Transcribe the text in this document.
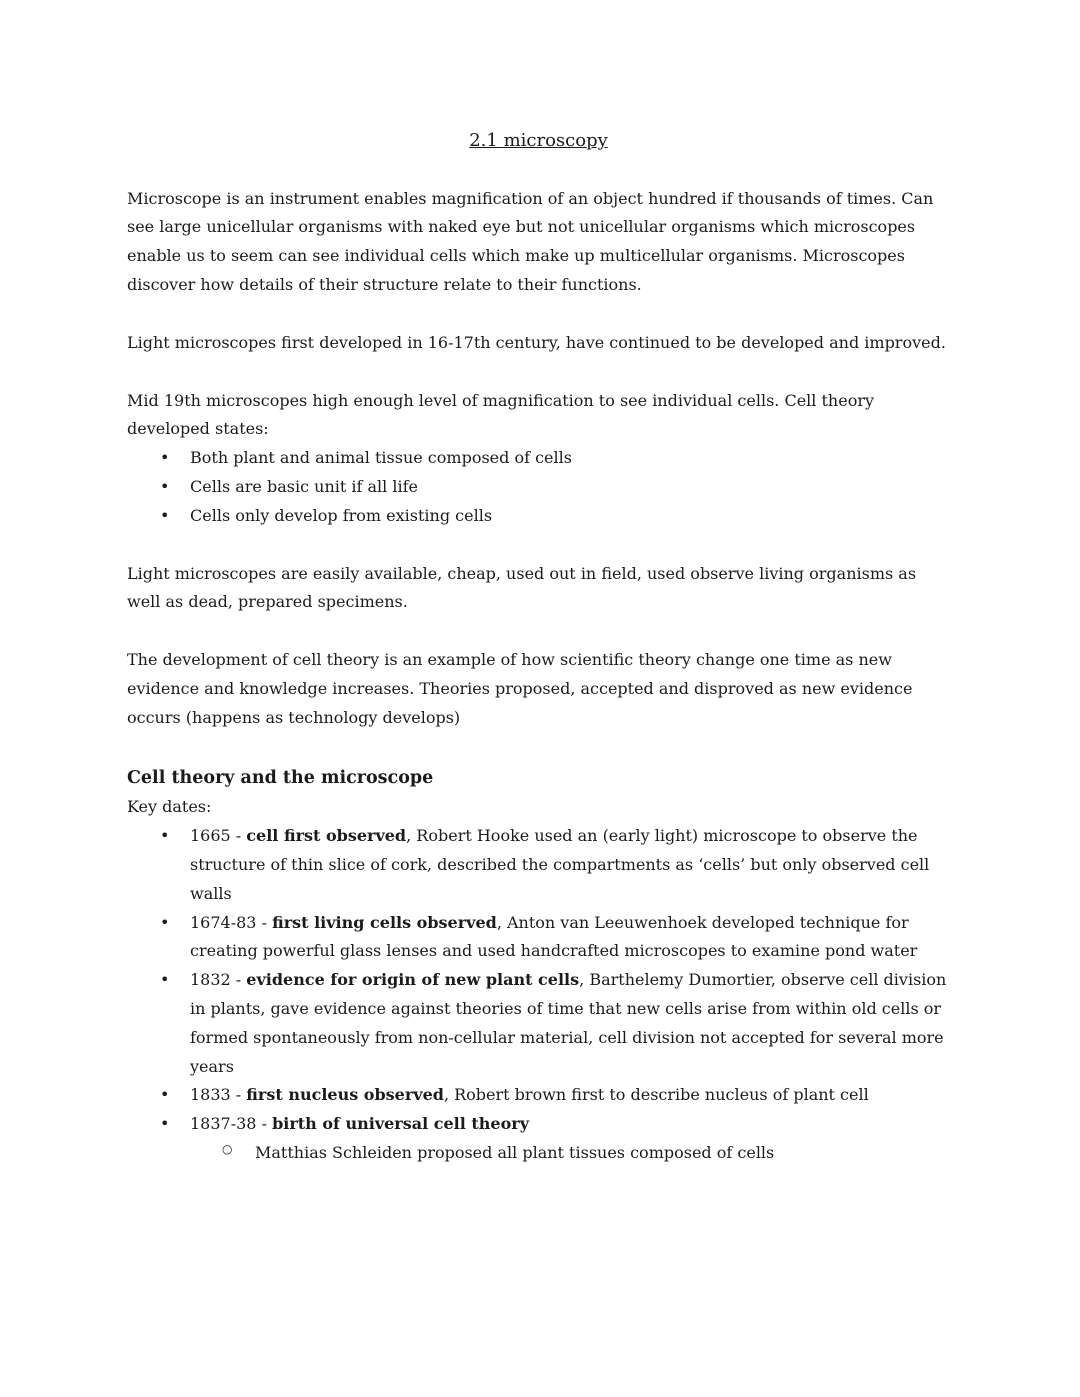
2.1 microscopy

Microscope is an instrument enables magnification of an object hundred if thousands of times. Can see large unicellular organisms with naked eye but not unicellular organisms which microscopes enable us to seem can see individual cells which make up multicellular organisms. Microscopes discover how details of their structure relate to their functions.

Light microscopes first developed in 16-17th century, have continued to be developed and improved.

Mid 19th microscopes high enough level of magnification to see individual cells. Cell theory developed states:

• Both plant and animal tissue composed of cells
• Cells are basic unit if all life
• Cells only develop from existing cells

Light microscopes are easily available, cheap, used out in field, used observe living organisms as well as dead, prepared specimens.

The development of cell theory is an example of how scientific theory change one time as new evidence and knowledge increases. Theories proposed, accepted and disproved as new evidence occurs (happens as technology develops)

Cell theory and the microscope

Key dates:

• 1665 - cell first observed, Robert Hooke used an (early light) microscope to observe the structure of thin slice of cork, described the compartments as ‘cells’ but only observed cell walls
• 1674-83 - first living cells observed, Anton van Leeuwenhoek developed technique for creating powerful glass lenses and used handcrafted microscopes to examine pond water
• 1832 - evidence for origin of new plant cells, Barthelemy Dumortier, observe cell division in plants, gave evidence against theories of time that new cells arise from within old cells or formed spontaneously from non-cellular material, cell division not accepted for several more years
• 1833 - first nucleus observed, Robert brown first to describe nucleus of plant cell
• 1837-38 - birth of universal cell theory
○ Matthias Schleiden proposed all plant tissues composed of cells
